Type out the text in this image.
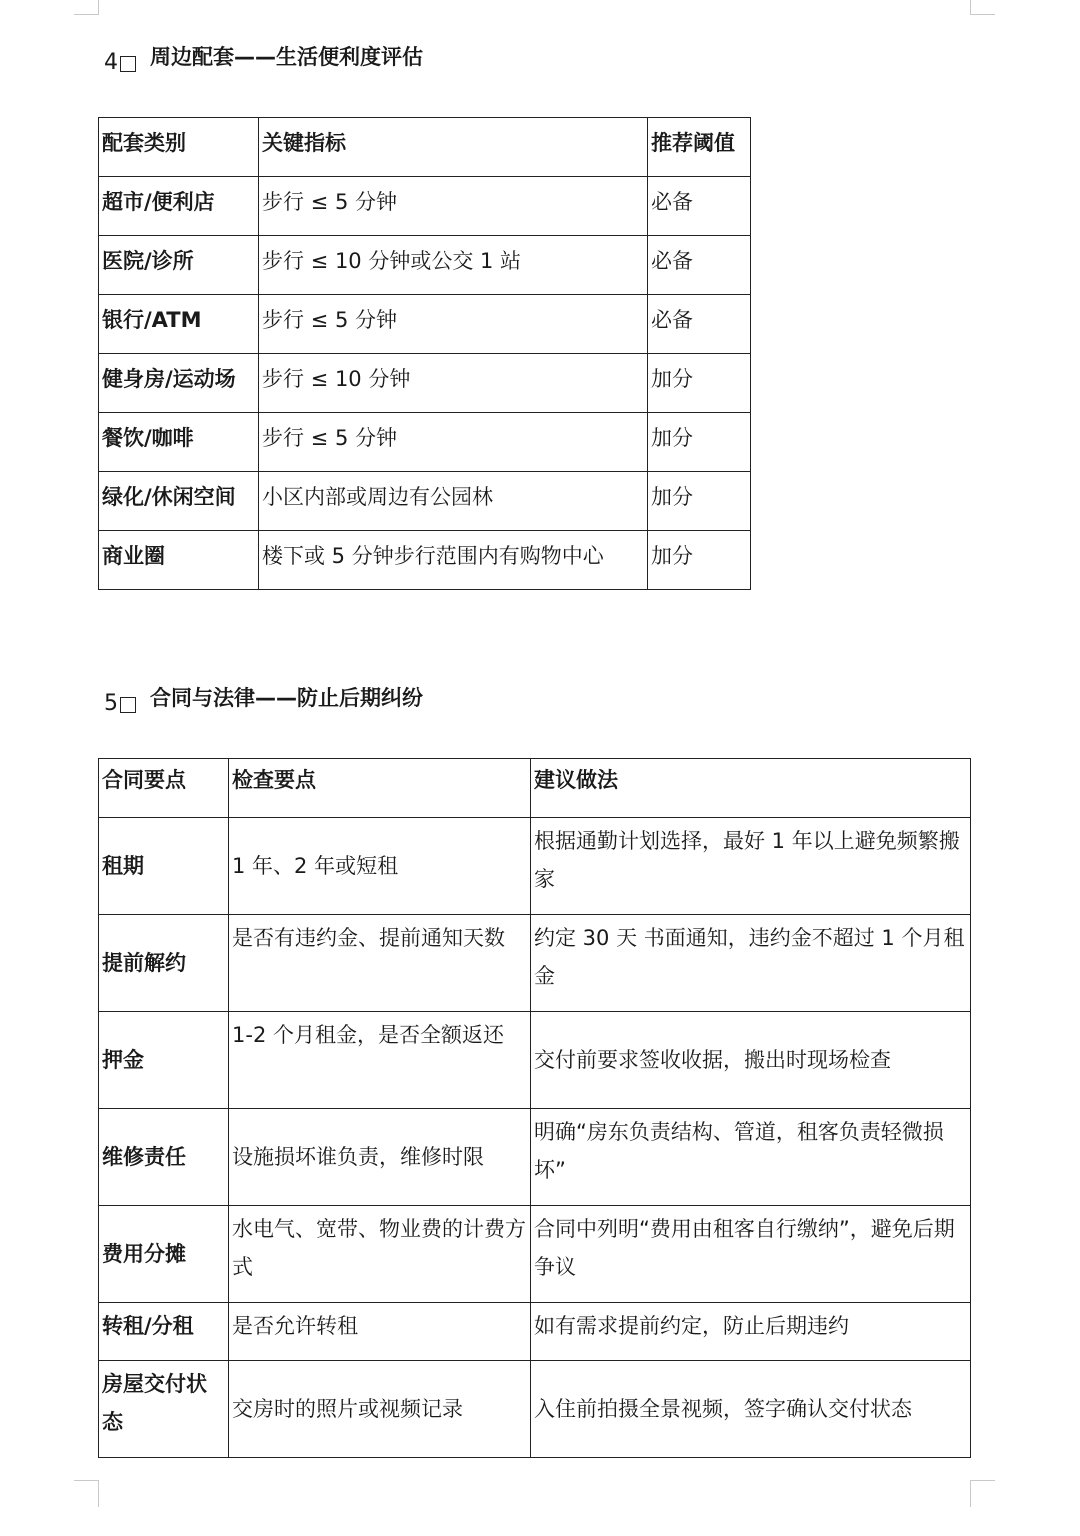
4 周边配套——生活便利度评估
配套类别	关键指标	推荐阈值
超市/便利店	步行 ≤ 5 分钟	必备
医院/诊所	步行 ≤ 10 分钟或公交 1 站	必备
银行/ATM	步行 ≤ 5 分钟	必备
健身房/运动场	步行 ≤ 10 分钟	加分
餐饮/咖啡	步行 ≤ 5 分钟	加分
绿化/休闲空间	小区内部或周边有公园林	加分
商业圈	楼下或 5 分钟步行范围内有购物中心	加分
5 合同与法律——防止后期纠纷
合同要点	检查要点	建议做法
租期	1 年、2 年或短租	根据通勤计划选择，最好 1 年以上避免频繁搬家
提前解约	是否有违约金、提前通知天数	约定 30 天 书面通知，违约金不超过 1 个月租金
押金	1-2 个月租金，是否全额返还	交付前要求签收收据，搬出时现场检查
维修责任	设施损坏谁负责，维修时限	明确“房东负责结构、管道，租客负责轻微损坏”
费用分摊	水电气、宽带、物业费的计费方式	合同中列明“费用由租客自行缴纳”，避免后期争议
转租/分租	是否允许转租	如有需求提前约定，防止后期违约
房屋交付状态	交房时的照片或视频记录	入住前拍摄全景视频，签字确认交付状态
